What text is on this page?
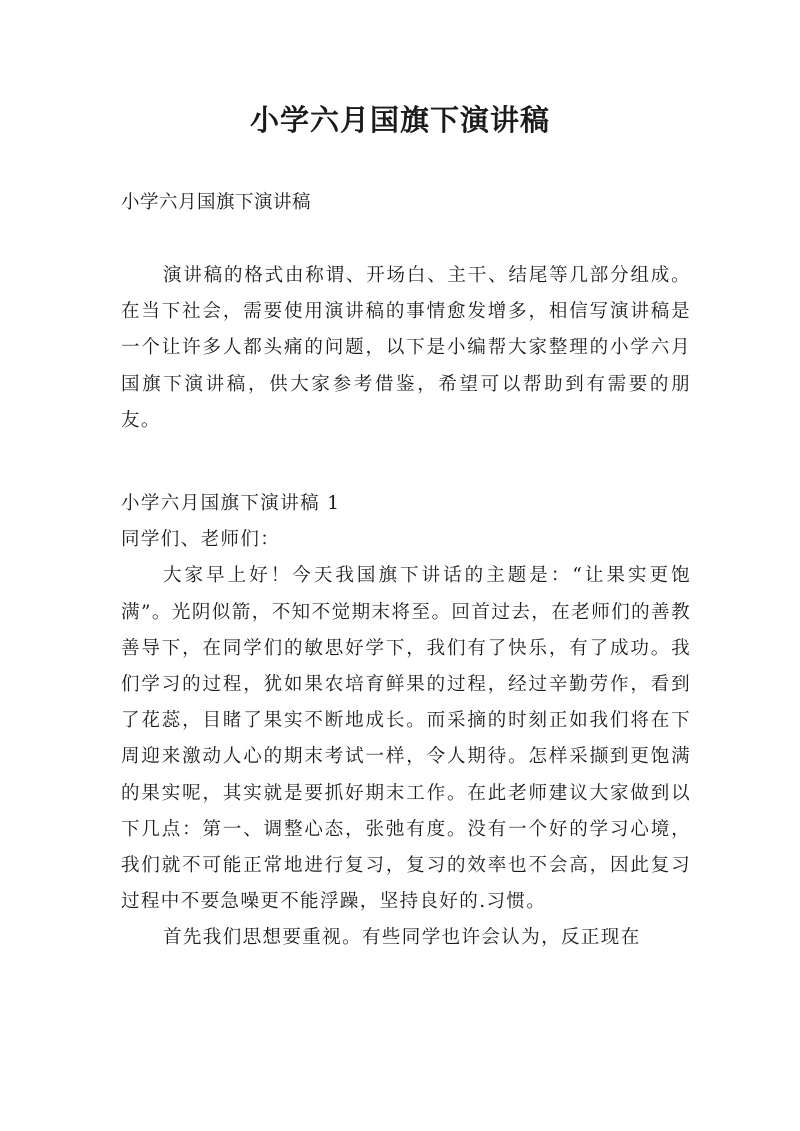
小学六月国旗下演讲稿

小学六月国旗下演讲稿

演讲稿的格式由称谓、开场白、主干、结尾等几部分组成。在当下社会，需要使用演讲稿的事情愈发增多，相信写演讲稿是一个让许多人都头痛的问题，以下是小编帮大家整理的小学六月国旗下演讲稿，供大家参考借鉴，希望可以帮助到有需要的朋友。

小学六月国旗下演讲稿 1

同学们、老师们：

大家早上好！今天我国旗下讲话的主题是：“让果实更饱满”。光阴似箭，不知不觉期末将至。回首过去，在老师们的善教善导下，在同学们的敏思好学下，我们有了快乐，有了成功。我们学习的过程，犹如果农培育鲜果的过程，经过辛勤劳作，看到了花蕊，目睹了果实不断地成长。而采摘的时刻正如我们将在下周迎来激动人心的期末考试一样，令人期待。怎样采撷到更饱满的果实呢，其实就是要抓好期末工作。在此老师建议大家做到以下几点：第一、调整心态，张弛有度。没有一个好的学习心境，我们就不可能正常地进行复习，复习的效率也不会高，因此复习过程中不要急噪更不能浮躁，坚持良好的.习惯。

首先我们思想要重视。有些同学也许会认为，反正现在
